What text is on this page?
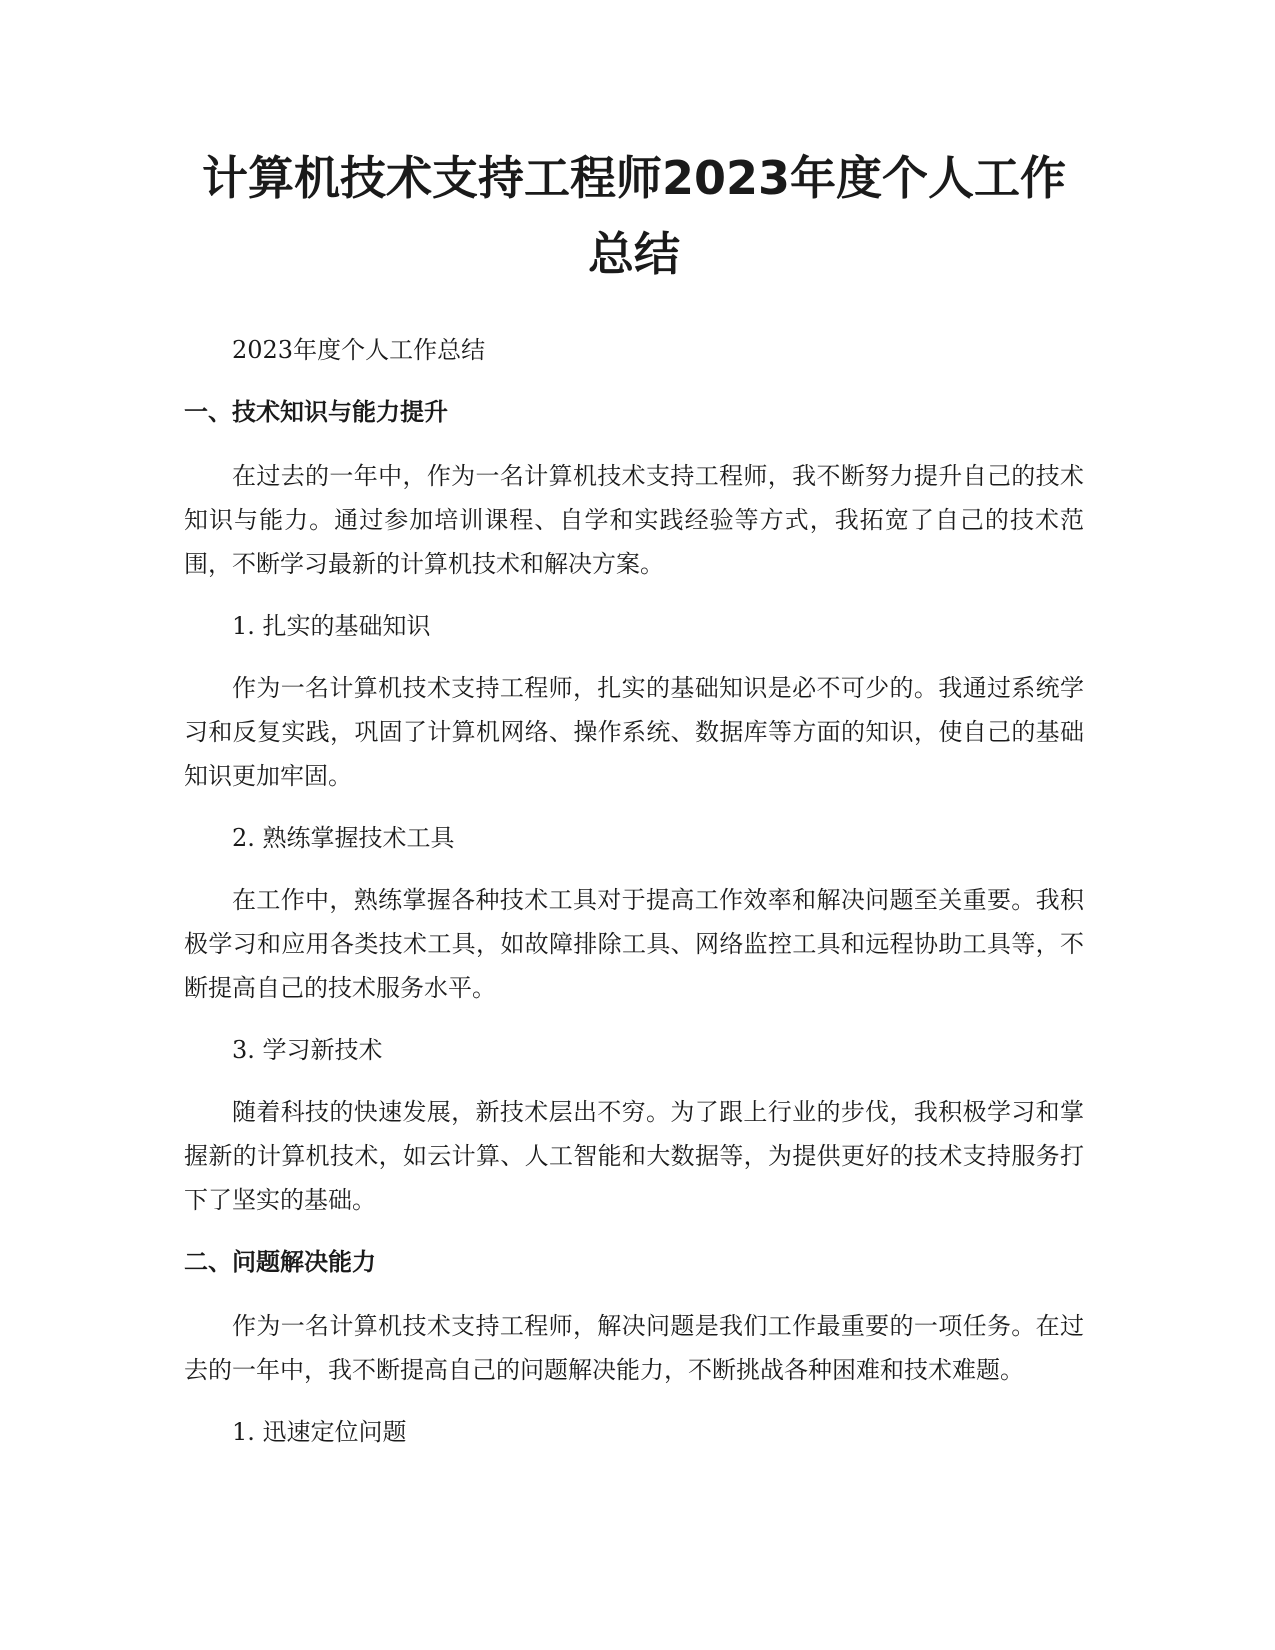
计算机技术支持工程师2023年度个人工作总结

2023年度个人工作总结

一、技术知识与能力提升

在过去的一年中，作为一名计算机技术支持工程师，我不断努力提升自己的技术知识与能力。通过参加培训课程、自学和实践经验等方式，我拓宽了自己的技术范围，不断学习最新的计算机技术和解决方案。

1. 扎实的基础知识

作为一名计算机技术支持工程师，扎实的基础知识是必不可少的。我通过系统学习和反复实践，巩固了计算机网络、操作系统、数据库等方面的知识，使自己的基础知识更加牢固。

2. 熟练掌握技术工具

在工作中，熟练掌握各种技术工具对于提高工作效率和解决问题至关重要。我积极学习和应用各类技术工具，如故障排除工具、网络监控工具和远程协助工具等，不断提高自己的技术服务水平。

3. 学习新技术

随着科技的快速发展，新技术层出不穷。为了跟上行业的步伐，我积极学习和掌握新的计算机技术，如云计算、人工智能和大数据等，为提供更好的技术支持服务打下了坚实的基础。

二、问题解决能力

作为一名计算机技术支持工程师，解决问题是我们工作最重要的一项任务。在过去的一年中，我不断提高自己的问题解决能力，不断挑战各种困难和技术难题。

1. 迅速定位问题
